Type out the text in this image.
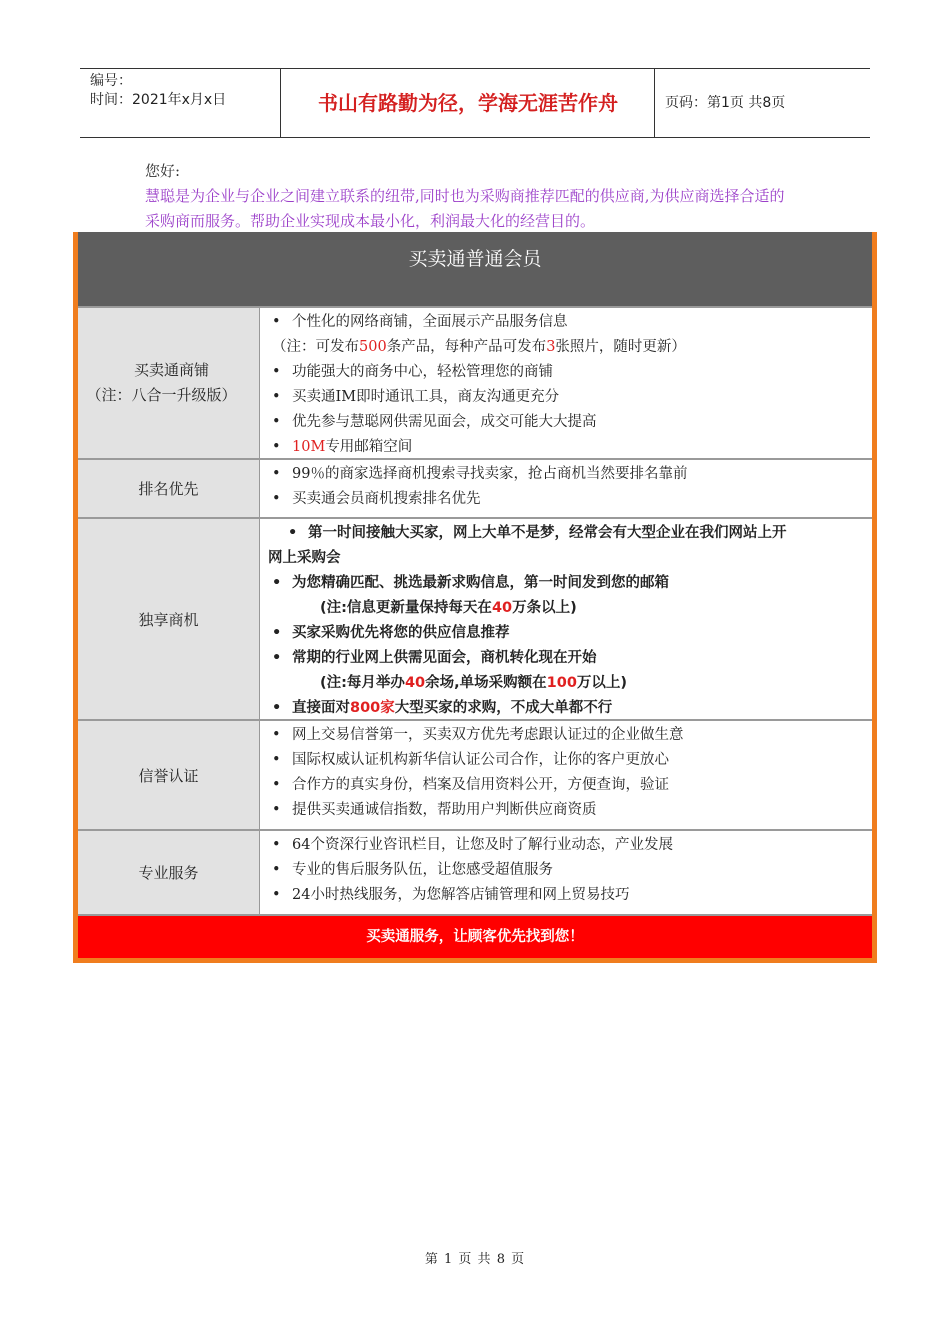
编号：
时间：2021年x月x日	书山有路勤为径，学海无涯苦作舟	页码：第1页 共8页
您好:
慧聪是为企业与企业之间建立联系的纽带,同时也为采购商推荐匹配的供应商,为供应商选择合适的采购商而服务。帮助企业实现成本最小化，利润最大化的经营目的。
买卖通普通会员
买卖通商铺
（注：八合一升级版）
• 个性化的网络商铺，全面展示产品服务信息
（注：可发布500条产品，每种产品可发布3张照片，随时更新）
• 功能强大的商务中心，轻松管理您的商铺
• 买卖通IM即时通讯工具，商友沟通更充分
• 优先参与慧聪网供需见面会，成交可能大大提高
• 10M专用邮箱空间
排名优先
• 99％的商家选择商机搜索寻找卖家，抢占商机当然要排名靠前
• 买卖通会员商机搜索排名优先
独享商机
• 第一时间接触大买家，网上大单不是梦，经常会有大型企业在我们网站上开
网上采购会
• 为您精确匹配、挑选最新求购信息，第一时间发到您的邮箱
(注:信息更新量保持每天在40万条以上)
• 买家采购优先将您的供应信息推荐
• 常期的行业网上供需见面会，商机转化现在开始
(注:每月举办40余场,单场采购额在100万以上)
• 直接面对800家大型买家的求购，不成大单都不行
信誉认证
• 网上交易信誉第一，买卖双方优先考虑跟认证过的企业做生意
• 国际权威认证机构新华信认证公司合作，让你的客户更放心
• 合作方的真实身份，档案及信用资料公开，方便查询，验证
• 提供买卖通诚信指数，帮助用户判断供应商资质
专业服务
• 64个资深行业咨讯栏目，让您及时了解行业动态，产业发展
• 专业的售后服务队伍，让您感受超值服务
• 24小时热线服务，为您解答店铺管理和网上贸易技巧
买卖通服务，让顾客优先找到您！
第 1 页 共 8 页
